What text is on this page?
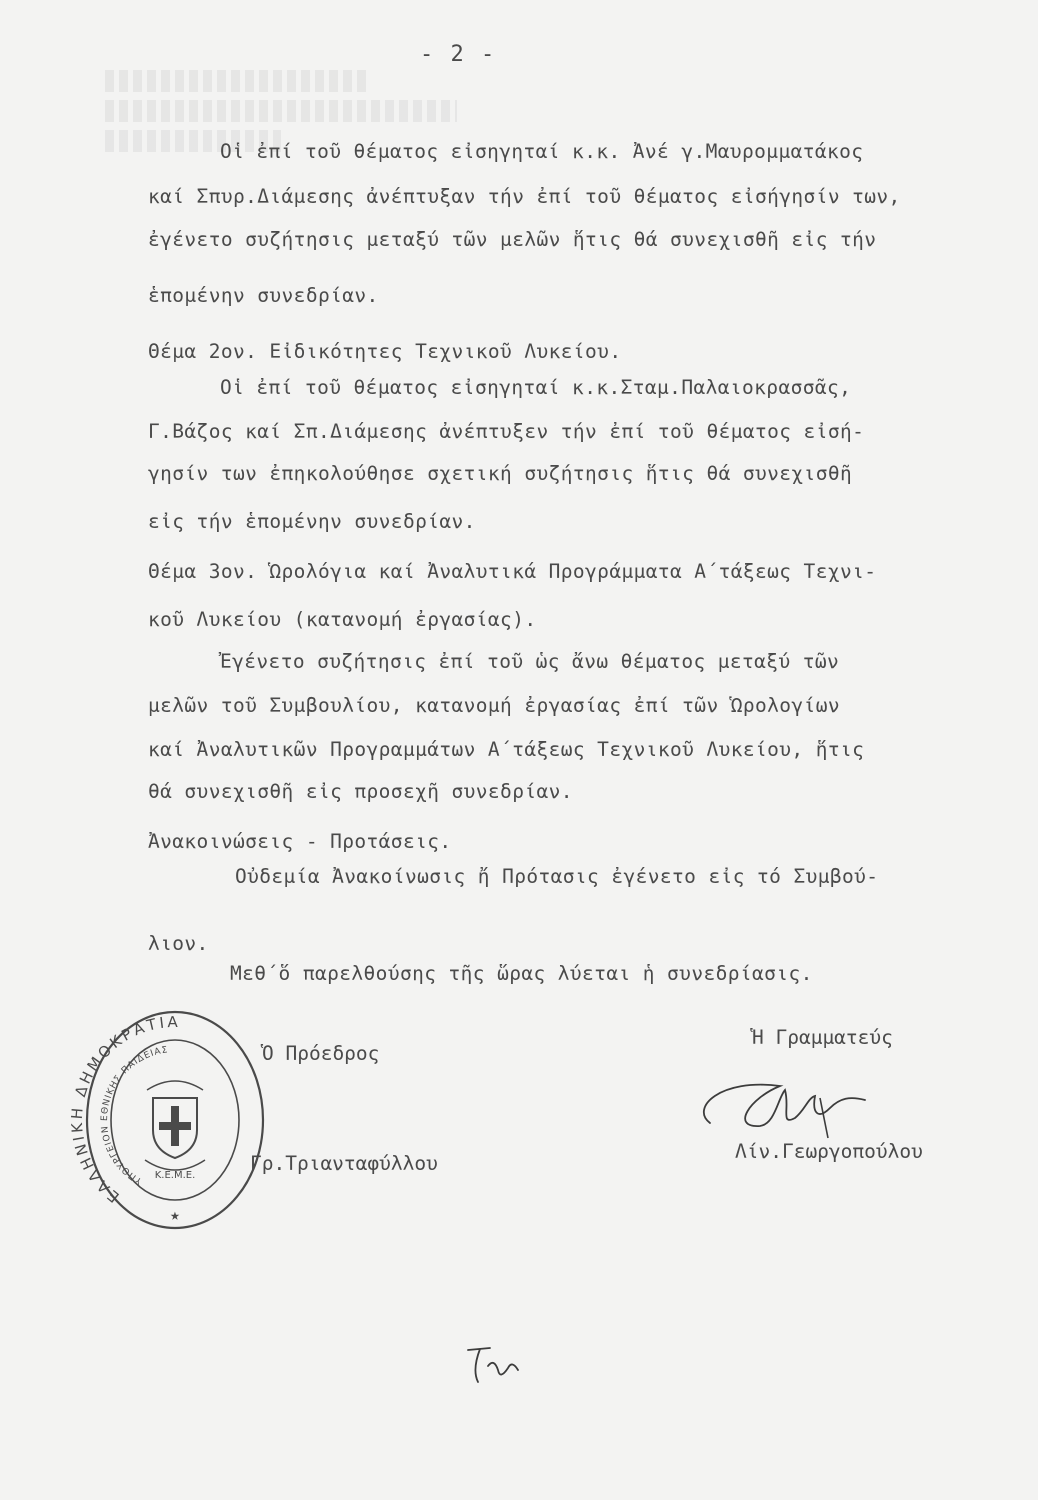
- 2 -
Οἱ ἐπί τοῦ θέματος εἰσηγηταί κ.κ. Ἀνέ γ.Μαυρομματάκος
καί Σπυρ.Διάμεσης ἀνέπτυξαν τήν ἐπί τοῦ θέματος εἰσήγησίν των,
ἐγένετο συζήτησις μεταξύ τῶν μελῶν ἥτις θά συνεχισθῆ εἰς τήν
ἑπομένην συνεδρίαν.
Θέμα 2ον. Εἰδικότητες Τεχνικοῦ Λυκείου.
Οἱ ἐπί τοῦ θέματος εἰσηγηταί κ.κ.Σταμ.Παλαιοκρασσᾶς,
Γ.Βάζος καί Σπ.Διάμεσης ἀνέπτυξεν τήν ἐπί τοῦ θέματος εἰσή-
γησίν των ἐπηκολούθησε σχετική συζήτησις ἥτις θά συνεχισθῆ
εἰς τήν ἑπομένην συνεδρίαν.
Θέμα 3ον. Ὡρολόγια καί Ἀναλυτικά Προγράμματα Α΄τάξεως Τεχνι-
κοῦ Λυκείου (κατανομή ἐργασίας).
Ἐγένετο συζήτησις ἐπί τοῦ ὡς ἄνω θέματος μεταξύ τῶν
μελῶν τοῦ Συμβουλίου, κατανομή ἐργασίας ἐπί τῶν Ὡρολογίων
καί Ἀναλυτικῶν Προγραμμάτων Α΄τάξεως Τεχνικοῦ Λυκείου, ἥτις
θά συνεχισθῆ εἰς προσεχῆ συνεδρίαν.
Ἀνακοινώσεις - Προτάσεις.
Οὐδεμία Ἀνακοίνωσις ἤ Πρότασις ἐγένετο εἰς τό Συμβού-
λιον.
Μεθ΄ὅ παρελθούσης τῆς ὥρας λύεται ἡ συνεδρίασις.
Ὁ Πρόεδρος
Ἡ Γραμματεύς
Γρ.Τριανταφύλλου
Λίν.Γεωργοπούλου
ΕΛΛΗΝΙΚΗ ΔΗΜΟΚΡΑΤΙΑ
ΥΠΟΥΡΓΕΙΟΝ ΕΘΝΙΚΗΣ ΠΑΙΔΕΙΑΣ
Κ.Ε.Μ.Ε.
★
